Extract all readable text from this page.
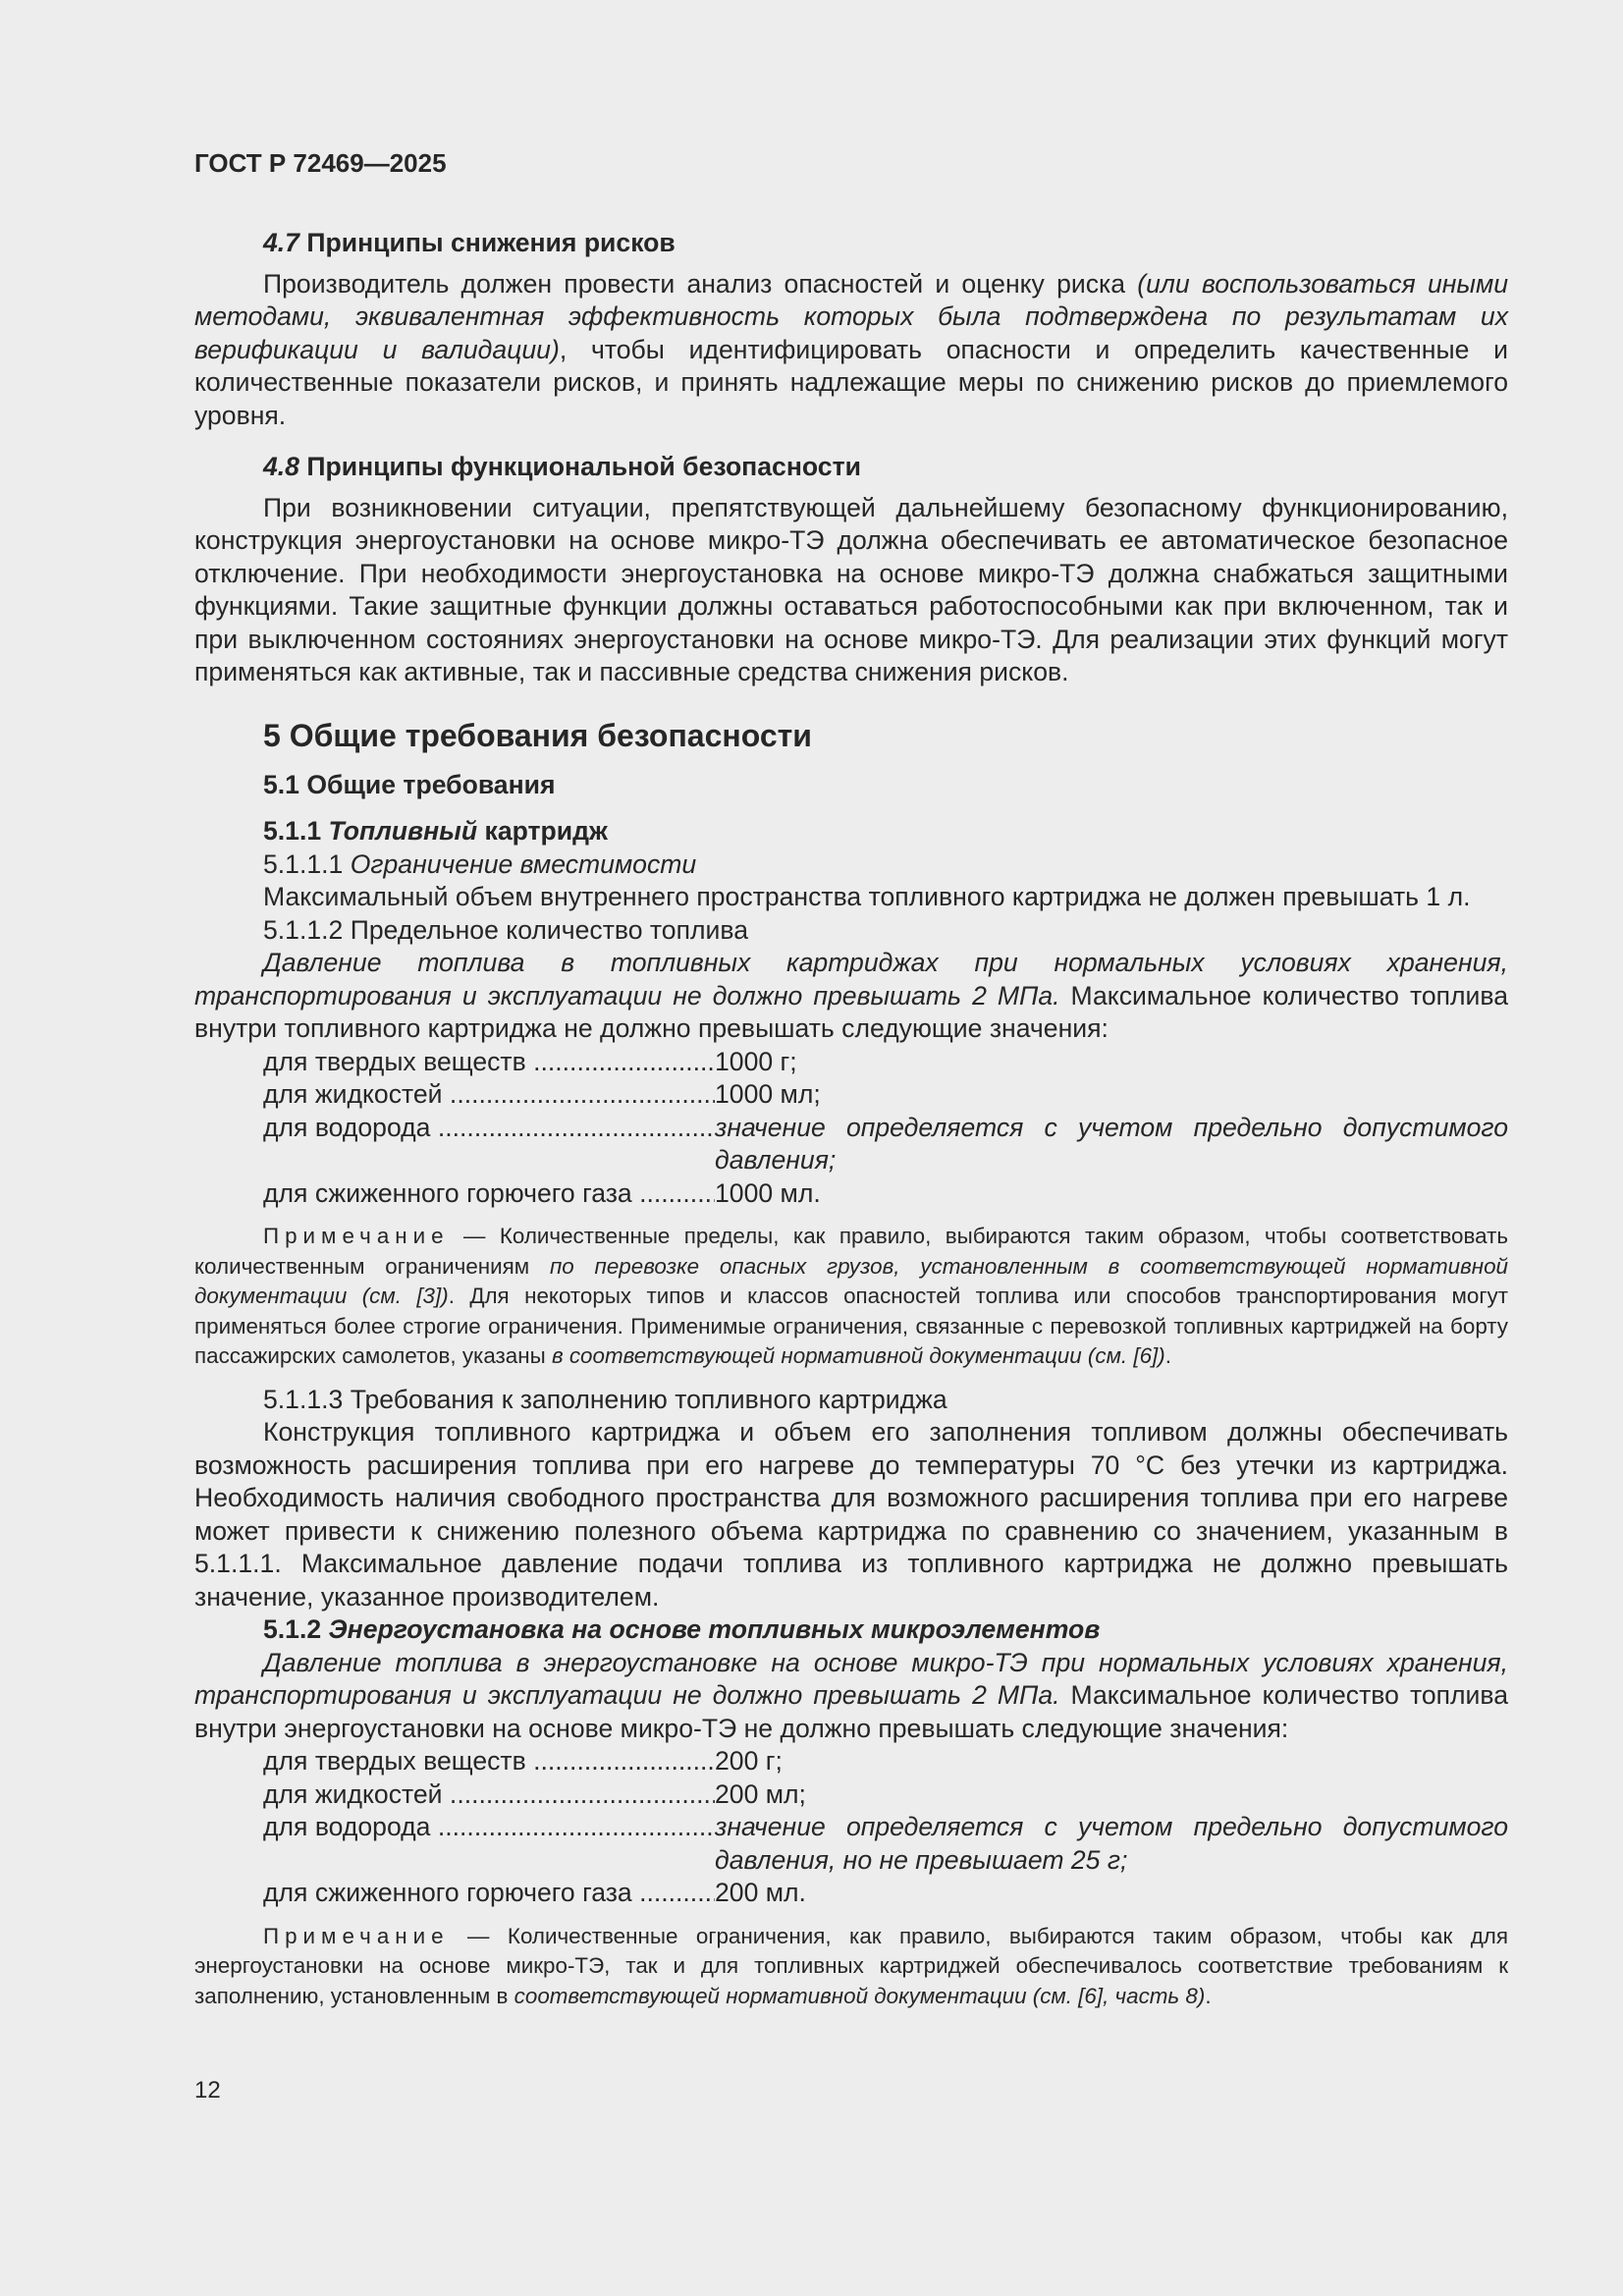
ГОСТ Р 72469—2025

4.7 Принципы снижения рисков

Производитель должен провести анализ опасностей и оценку риска (или воспользоваться иными методами, эквивалентная эффективность которых была подтверждена по результатам их верификации и валидации), чтобы идентифицировать опасности и определить качественные и количественные показатели рисков, и принять надлежащие меры по снижению рисков до приемлемого уровня.

4.8 Принципы функциональной безопасности

При возникновении ситуации, препятствующей дальнейшему безопасному функционированию, конструкция энергоустановки на основе микро-ТЭ должна обеспечивать ее автоматическое безопасное отключение. При необходимости энергоустановка на основе микро-ТЭ должна снабжаться защитными функциями. Такие защитные функции должны оставаться работоспособными как при включенном, так и при выключенном состояниях энергоустановки на основе микро-ТЭ. Для реализации этих функций могут применяться как активные, так и пассивные средства снижения рисков.

5 Общие требования безопасности

5.1 Общие требования

5.1.1 Топливный картридж

5.1.1.1 Ограничение вместимости

Максимальный объем внутреннего пространства топливного картриджа не должен превышать 1 л.

5.1.1.2 Предельное количество топлива

Давление топлива в топливных картриджах при нормальных условиях хранения, транспортирования и эксплуатации не должно превышать 2 МПа. Максимальное количество топлива внутри топливного картриджа не должно превышать следующие значения:

для твердых веществ .....	1000 г;
для жидкостей .....	1000 мл;
для водорода .....	значение определяется с учетом предельно допустимого давления;
для сжиженного горючего газа .....	1000 мл.

Примечание — Количественные пределы, как правило, выбираются таким образом, чтобы соответствовать количественным ограничениям по перевозке опасных грузов, установленным в соответствующей нормативной документации (см. [3]). Для некоторых типов и классов опасностей топлива или способов транспортирования могут применяться более строгие ограничения. Применимые ограничения, связанные с перевозкой топливных картриджей на борту пассажирских самолетов, указаны в соответствующей нормативной документации (см. [6]).

5.1.1.3 Требования к заполнению топливного картриджа

Конструкция топливного картриджа и объем его заполнения топливом должны обеспечивать возможность расширения топлива при его нагреве до температуры 70 °С без утечки из картриджа. Необходимость наличия свободного пространства для возможного расширения топлива при его нагреве может привести к снижению полезного объема картриджа по сравнению со значением, указанным в 5.1.1.1. Максимальное давление подачи топлива из топливного картриджа не должно превышать значение, указанное производителем.

5.1.2 Энергоустановка на основе топливных микроэлементов

Давление топлива в энергоустановке на основе микро-ТЭ при нормальных условиях хранения, транспортирования и эксплуатации не должно превышать 2 МПа. Максимальное количество топлива внутри энергоустановки на основе микро-ТЭ не должно превышать следующие значения:

для твердых веществ .....	200 г;
для жидкостей .....	200 мл;
для водорода .....	значение определяется с учетом предельно допустимого давления, но не превышает 25 г;
для сжиженного горючего газа .....	200 мл.

Примечание — Количественные ограничения, как правило, выбираются таким образом, чтобы как для энергоустановки на основе микро-ТЭ, так и для топливных картриджей обеспечивалось соответствие требованиям к заполнению, установленным в соответствующей нормативной документации (см. [6], часть 8).

12
